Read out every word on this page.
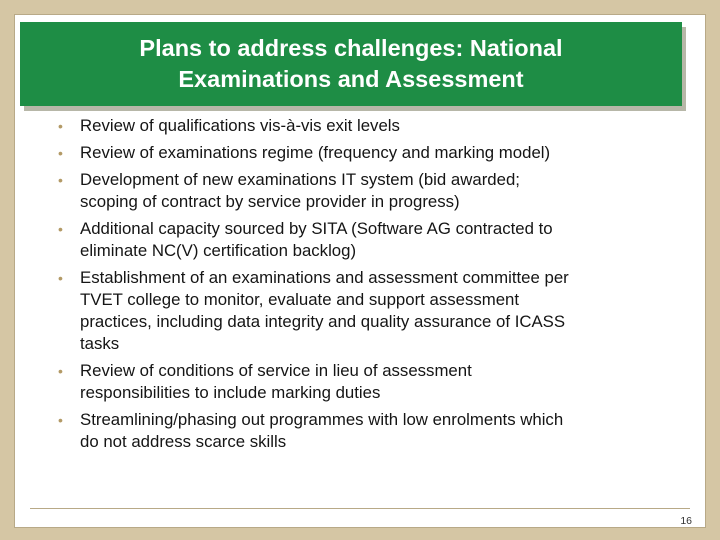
Plans to address challenges: National
Examinations and Assessment
• Review of qualifications vis-à-vis exit levels
• Review of examinations regime (frequency and marking model)
• Development of new examinations IT system (bid awarded;
scoping of contract by service provider in progress)
• Additional capacity sourced by SITA (Software AG contracted to
eliminate NC(V) certification backlog)
• Establishment of an examinations and assessment committee per
TVET college to monitor, evaluate and support assessment
practices, including data integrity and quality assurance of ICASS
tasks
• Review of conditions of service in lieu of assessment
responsibilities to include marking duties
• Streamlining/phasing out programmes with low enrolments which
do not address scarce skills
16
